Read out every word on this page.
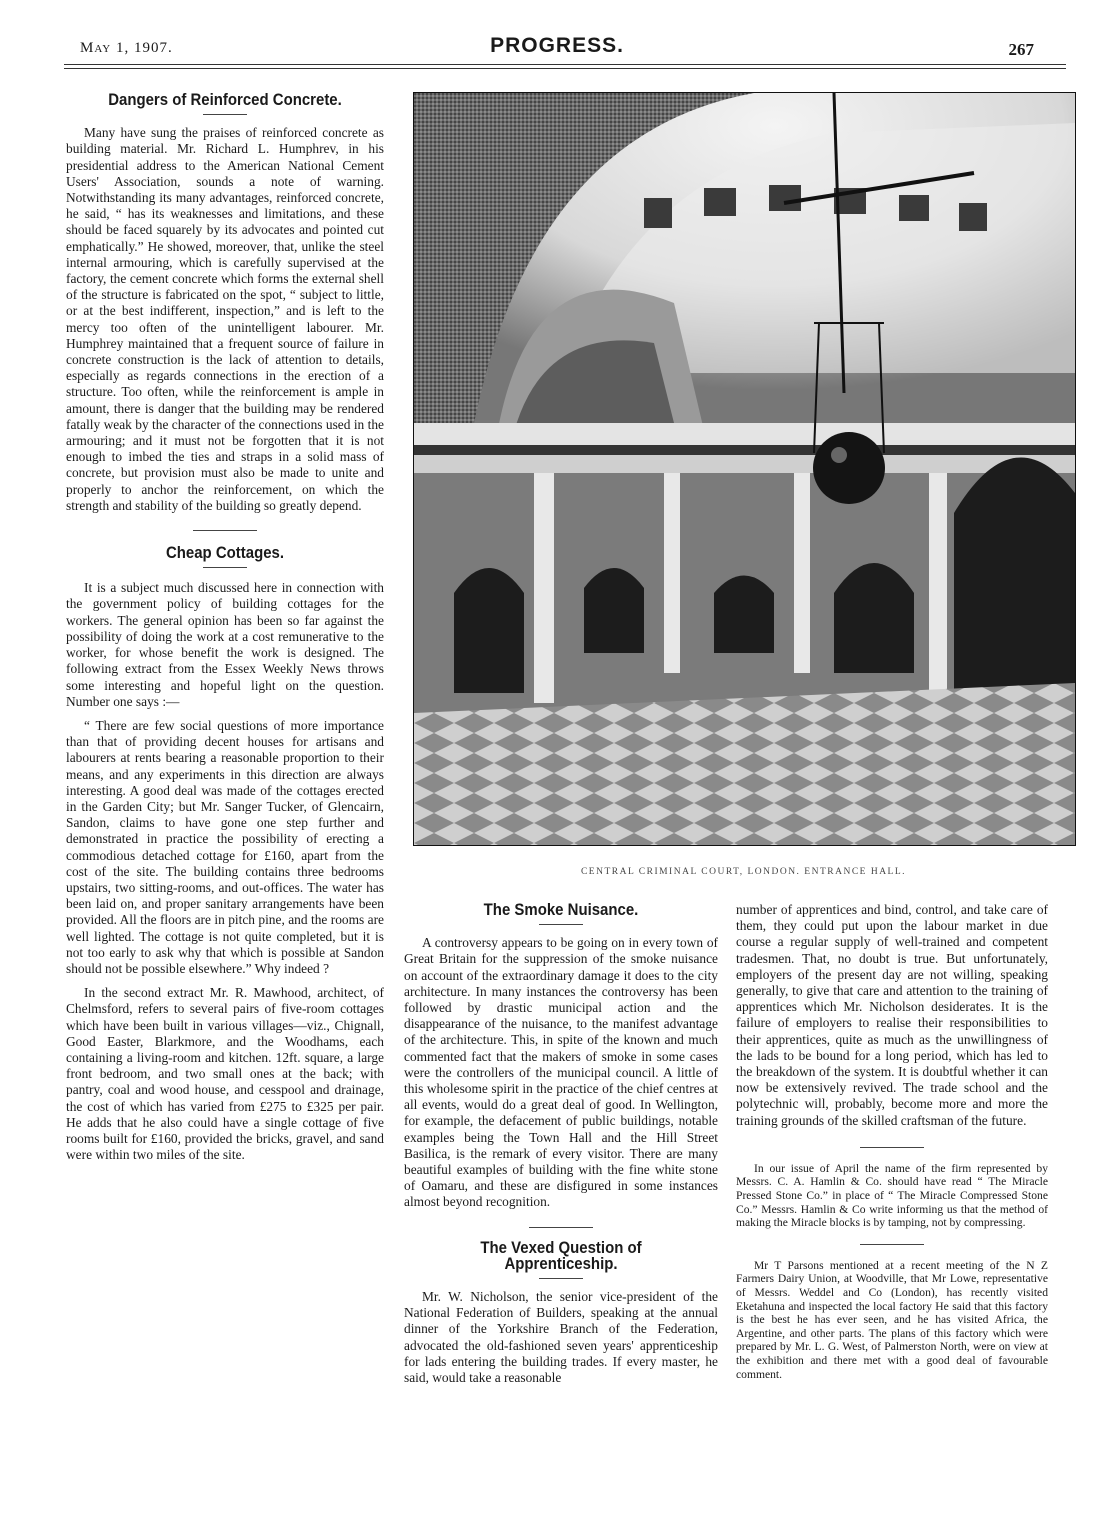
May 1, 1907.	PROGRESS.	267
Dangers of Reinforced Concrete.

Many have sung the praises of reinforced concrete as building material. Mr. Richard L. Humphrev, in his presidential address to the American National Cement Users' Association, sounds a note of warning. Notwithstanding its many advantages, reinforced concrete, he said, “ has its weaknesses and limitations, and these should be faced squarely by its advocates and pointed cut emphatically.” He showed, moreover, that, unlike the steel internal armouring, which is carefully supervised at the factory, the cement concrete which forms the external shell of the structure is fabricated on the spot, “ subject to little, or at the best indifferent, inspection,” and is left to the mercy too often of the unintelligent labourer. Mr. Humphrey maintained that a frequent source of failure in concrete construction is the lack of attention to details, especially as regards connections in the erection of a structure. Too often, while the reinforcement is ample in amount, there is danger that the building may be rendered fatally weak by the character of the connections used in the armouring; and it must not be forgotten that it is not enough to imbed the ties and straps in a solid mass of concrete, but provision must also be made to unite and properly to anchor the reinforcement, on which the strength and stability of the building so greatly depend.

Cheap Cottages.

It is a subject much discussed here in connection with the government policy of building cottages for the workers. The general opinion has been so far against the possibility of doing the work at a cost remunerative to the worker, for whose benefit the work is designed. The following extract from the Essex Weekly News throws some interesting and hopeful light on the question. Number one says :—

“ There are few social questions of more importance than that of providing decent houses for artisans and labourers at rents bearing a reasonable proportion to their means, and any experiments in this direction are always interesting. A good deal was made of the cottages erected in the Garden City; but Mr. Sanger Tucker, of Glencairn, Sandon, claims to have gone one step further and demonstrated in practice the possibility of erecting a commodious detached cottage for £160, apart from the cost of the site. The building contains three bedrooms upstairs, two sitting-rooms, and out-offices. The water has been laid on, and proper sanitary arrangements have been provided. All the floors are in pitch pine, and the rooms are well lighted. The cottage is not quite completed, but it is not too early to ask why that which is possible at Sandon should not be possible elsewhere.” Why indeed ?

In the second extract Mr. R. Mawhood, architect, of Chelmsford, refers to several pairs of five-room cottages which have been built in various villages—viz., Chignall, Good Easter, Blarkmore, and the Woodhams, each containing a living-room and kitchen. 12ft. square, a large front bedroom, and two small ones at the back; with pantry, coal and wood house, and cesspool and drainage, the cost of which has varied from £275 to £325 per pair. He adds that he also could have a single cottage of five rooms built for £160, provided the bricks, gravel, and sand were within two miles of the site.

CENTRAL CRIMINAL COURT, LONDON. ENTRANCE HALL.
The Smoke Nuisance.

A controversy appears to be going on in every town of Great Britain for the suppression of the smoke nuisance on account of the extraordinary damage it does to the city architecture. In many instances the controversy has been followed by drastic municipal action and the disappearance of the nuisance, to the manifest advantage of the architecture. This, in spite of the known and much commented fact that the makers of smoke in some cases were the controllers of the municipal council. A little of this wholesome spirit in the practice of the chief centres at all events, would do a great deal of good. In Wellington, for example, the defacement of public buildings, notable examples being the Town Hall and the Hill Street Basilica, is the remark of every visitor. There are many beautiful examples of building with the fine white stone of Oamaru, and these are disfigured in some instances almost beyond recognition.

The Vexed Question of Apprenticeship.

Mr. W. Nicholson, the senior vice-president of the National Federation of Builders, speaking at the annual dinner of the Yorkshire Branch of the Federation, advocated the old-fashioned seven years' apprenticeship for lads entering the building trades. If every master, he said, would take a reasonable

number of apprentices and bind, control, and take care of them, they could put upon the labour market in due course a regular supply of well-trained and competent tradesmen. That, no doubt is true. But unfortunately, employers of the present day are not willing, speaking generally, to give that care and attention to the training of apprentices which Mr. Nicholson desiderates. It is the failure of employers to realise their responsibilities to their apprentices, quite as much as the unwillingness of the lads to be bound for a long period, which has led to the breakdown of the system. It is doubtful whether it can now be extensively revived. The trade school and the polytechnic will, probably, become more and more the training grounds of the skilled craftsman of the future.

In our issue of April the name of the firm represented by Messrs. C. A. Hamlin & Co. should have read “ The Miracle Pressed Stone Co.” in place of “ The Miracle Compressed Stone Co.” Messrs. Hamlin & Co write informing us that the method of making the Miracle blocks is by tamping, not by compressing.

Mr T Parsons mentioned at a recent meeting of the N Z Farmers Dairy Union, at Woodville, that Mr Lowe, representative of Messrs. Weddel and Co (London), has recently visited Eketahuna and inspected the local factory He said that this factory is the best he has ever seen, and he has visited Africa, the Argentine, and other parts. The plans of this factory which were prepared by Mr. L. G. West, of Palmerston North, were on view at the exhibition and there met with a good deal of favourable comment.
